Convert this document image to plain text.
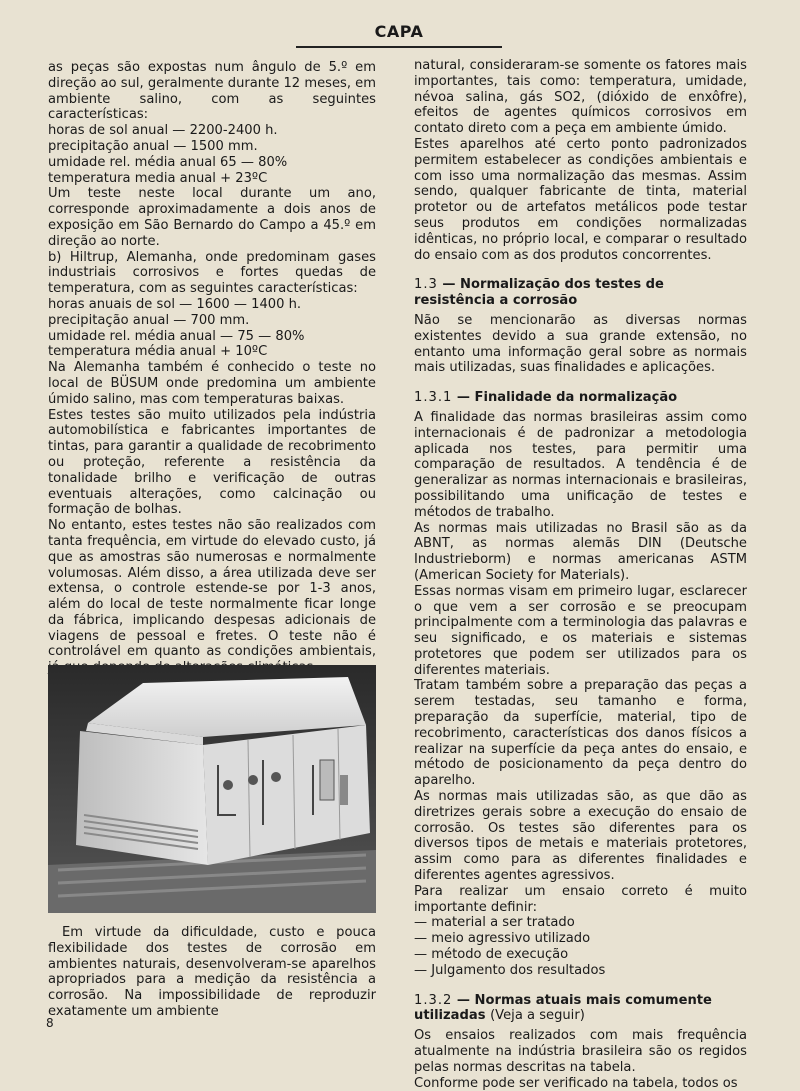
CAPA

as peças são expostas num ângulo de 5.º em direção ao sul, geralmente durante 12 meses, em ambiente salino, com as seguintes características:

horas de sol anual — 2200-2400 h.

precipitação anual — 1500 mm.

umidade rel. média anual 65 — 80%

temperatura media anual + 23ºC

Um teste neste local durante um ano, corresponde aproximadamente a dois anos de exposição em São Bernardo do Campo a 45.º em direção ao norte.

b) Hiltrup, Alemanha, onde predominam gases industriais corrosivos e fortes quedas de temperatura, com as seguintes características:

horas anuais de sol — 1600 — 1400 h.

precipitação anual — 700 mm.

umidade rel. média anual — 75 — 80%

temperatura média anual + 10ºC

Na Alemanha também é conhecido o teste no local de BÜSUM onde predomina um ambiente úmido salino, mas com temperaturas baixas.

Estes testes são muito utilizados pela indústria automobilística e fabricantes importantes de tintas, para garantir a qualidade de recobrimento ou proteção, referente a resistência da tonalidade brilho e verificação de outras eventuais alterações, como calcinação ou formação de bolhas.

No entanto, estes testes não são realizados com tanta frequência, em virtude do elevado custo, já que as amostras são numerosas e normalmente volumosas. Além disso, a área utilizada deve ser extensa, o controle estende-se por 1-3 anos, além do local de teste normalmente ficar longe da fábrica, implicando despesas adicionais de viagens de pessoal e fretes. O teste não é controlável em quanto as condições ambientais,

Em virtude da dificuldade, custo e pouca flexibilidade dos testes de corrosão em ambientes naturais, desenvolveram-se aparelhos apropriados para a medição da resistência a corrosão. Na impossibilidade de reproduzir exatamente um ambiente

natural, consideraram-se somente os fatores mais importantes, tais como: temperatura, umidade, névoa salina, gás SO2, (dióxido de enxôfre), efeitos de agentes químicos corrosivos em contato direto com a peça em ambiente úmido.

Estes aparelhos até certo ponto padronizados permitem estabelecer as condições ambientais e com isso uma normalização das mesmas. Assim sendo, qualquer fabricante de tinta, material protetor ou de artefatos metálicos pode testar seus produtos em condições normalizadas idênticas, no próprio local, e comparar o resultado do ensaio com as dos produtos concorrentes.

1.3 — Normalização dos testes de resistência a corrosão

Não se mencionarão as diversas normas existentes devido a sua grande extensão, no entanto uma informação geral sobre as normais mais utilizadas, suas finalidades e aplicações.

1.3.1 — Finalidade da normalização

A finalidade das normas brasileiras assim como internacionais é de padronizar a metodologia aplicada nos testes, para permitir uma comparação de resultados. A tendência é de generalizar as normas internacionais e brasileiras, possibilitando uma unificação de testes e métodos de trabalho.

As normas mais utilizadas no Brasil são as da ABNT, as normas alemãs DIN (Deutsche Industrieborm) e normas americanas ASTM (American Society for Materials).

Essas normas visam em primeiro lugar, esclarecer o que vem a ser corrosão e se preocupam principalmente com a terminologia das palavras e seu significado, e os materiais e sistemas protetores que podem ser utilizados para os diferentes materiais.

Tratam também sobre a preparação das peças a serem testadas, seu tamanho e forma, preparação da superfície, material, tipo de recobrimento, características dos danos físicos a realizar na superfície da peça antes do ensaio, e método de posicionamento da peça dentro do aparelho.

As normas mais utilizadas são, as que dão as diretrizes gerais sobre a execução do ensaio de corrosão. Os testes são diferentes para os diversos tipos de metais e materiais protetores, assim como para as diferentes finalidades e diferentes agentes agressivos.

Para realizar um ensaio correto é muito importante definir:

— material a ser tratado

— meio agressivo utilizado

— método de execução

— Julgamento dos resultados

1.3.2 — Normas atuais mais comumente utilizadas (Veja a seguir)

Os ensaios realizados com mais frequência atualmente na indústria brasileira são os regidos pelas normas descritas na tabela.

Conforme pode ser verificado na tabela, todos os

8
